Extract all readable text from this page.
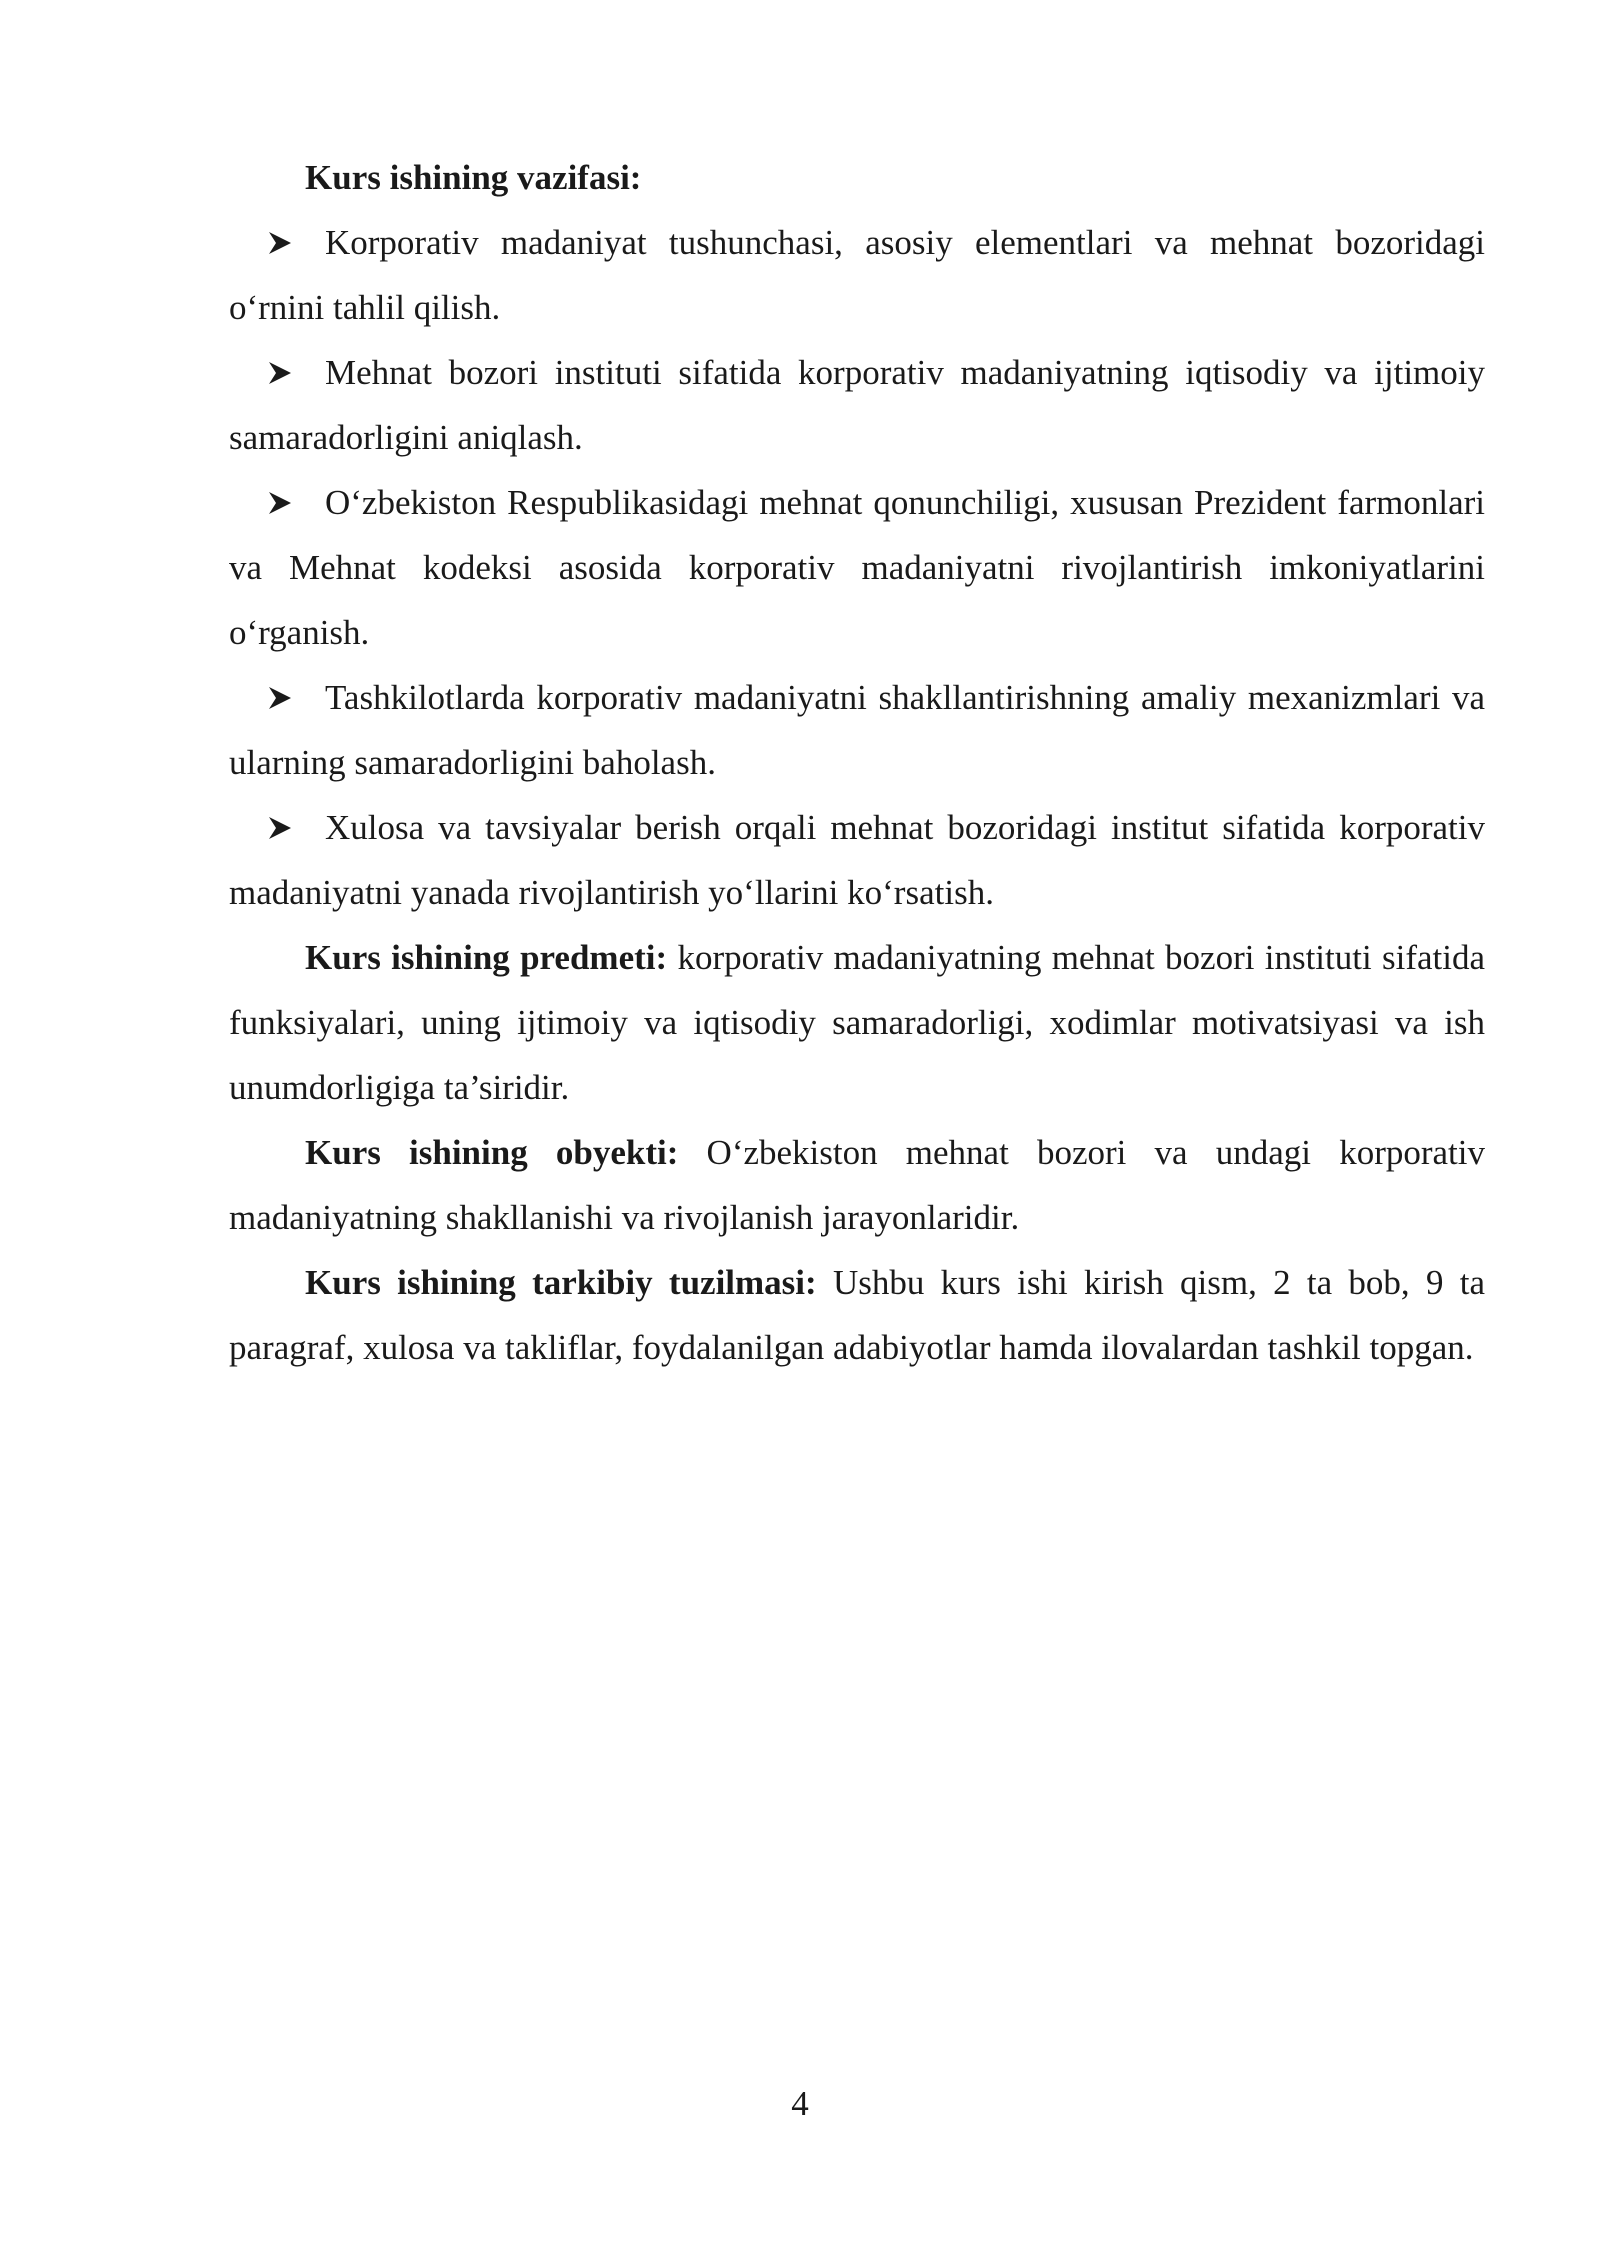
Kurs ishining vazifasi:

Korporativ madaniyat tushunchasi, asosiy elementlari va mehnat bozoridagi o‘rnini tahlil qilish.

Mehnat bozori instituti sifatida korporativ madaniyatning iqtisodiy va ijtimoiy samaradorligini aniqlash.

O‘zbekiston Respublikasidagi mehnat qonunchiligi, xususan Prezident farmonlari va Mehnat kodeksi asosida korporativ madaniyatni rivojlantirish imkoniyatlarini o‘rganish.

Tashkilotlarda korporativ madaniyatni shakllantirishning amaliy mexanizmlari va ularning samaradorligini baholash.

Xulosa va tavsiyalar berish orqali mehnat bozoridagi institut sifatida korporativ madaniyatni yanada rivojlantirish yo‘llarini ko‘rsatish.

Kurs ishining predmeti: korporativ madaniyatning mehnat bozori instituti sifatida funksiyalari, uning ijtimoiy va iqtisodiy samaradorligi, xodimlar motivatsiyasi va ish unumdorligiga ta’siridir.

Kurs ishining obyekti: O‘zbekiston mehnat bozori va undagi korporativ madaniyatning shakllanishi va rivojlanish jarayonlaridir.

Kurs ishining tarkibiy tuzilmasi: Ushbu kurs ishi kirish qism, 2 ta bob, 9 ta paragraf, xulosa va takliflar, foydalanilgan adabiyotlar hamda ilovalardan tashkil topgan.

4
